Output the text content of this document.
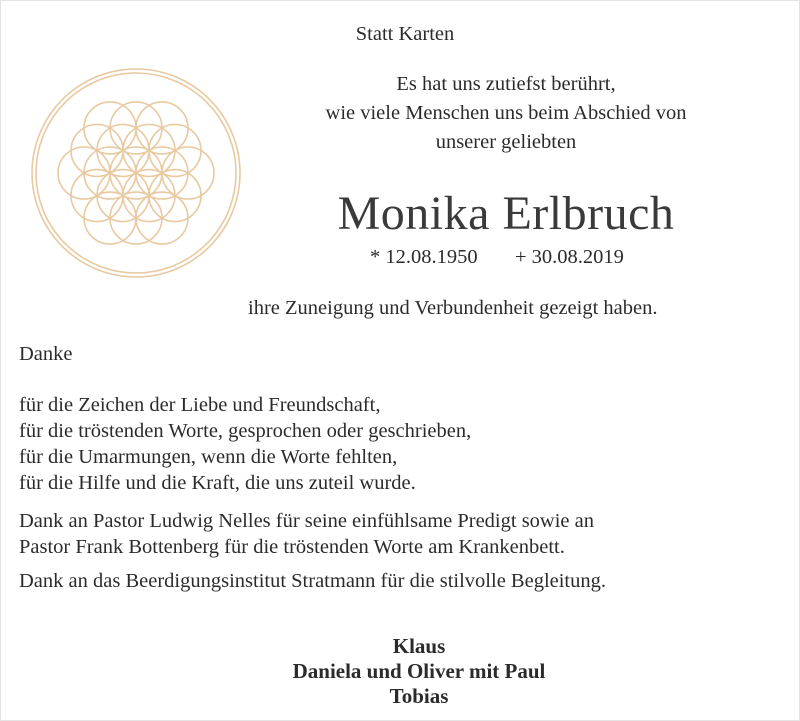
Statt Karten
Es hat uns zutiefst berührt,
wie viele Menschen uns beim Abschied von
unserer geliebten
Monika Erlbruch
* 12.08.1950 + 30.08.2019
ihre Zuneigung und Verbundenheit gezeigt haben.
Danke
für die Zeichen der Liebe und Freundschaft,
für die tröstenden Worte, gesprochen oder geschrieben,
für die Umarmungen, wenn die Worte fehlten,
für die Hilfe und die Kraft, die uns zuteil wurde.
Dank an Pastor Ludwig Nelles für seine einfühlsame Predigt sowie an
Pastor Frank Bottenberg für die tröstenden Worte am Krankenbett.
Dank an das Beerdigungsinstitut Stratmann für die stilvolle Begleitung.
Klaus
Daniela und Oliver mit Paul
Tobias
